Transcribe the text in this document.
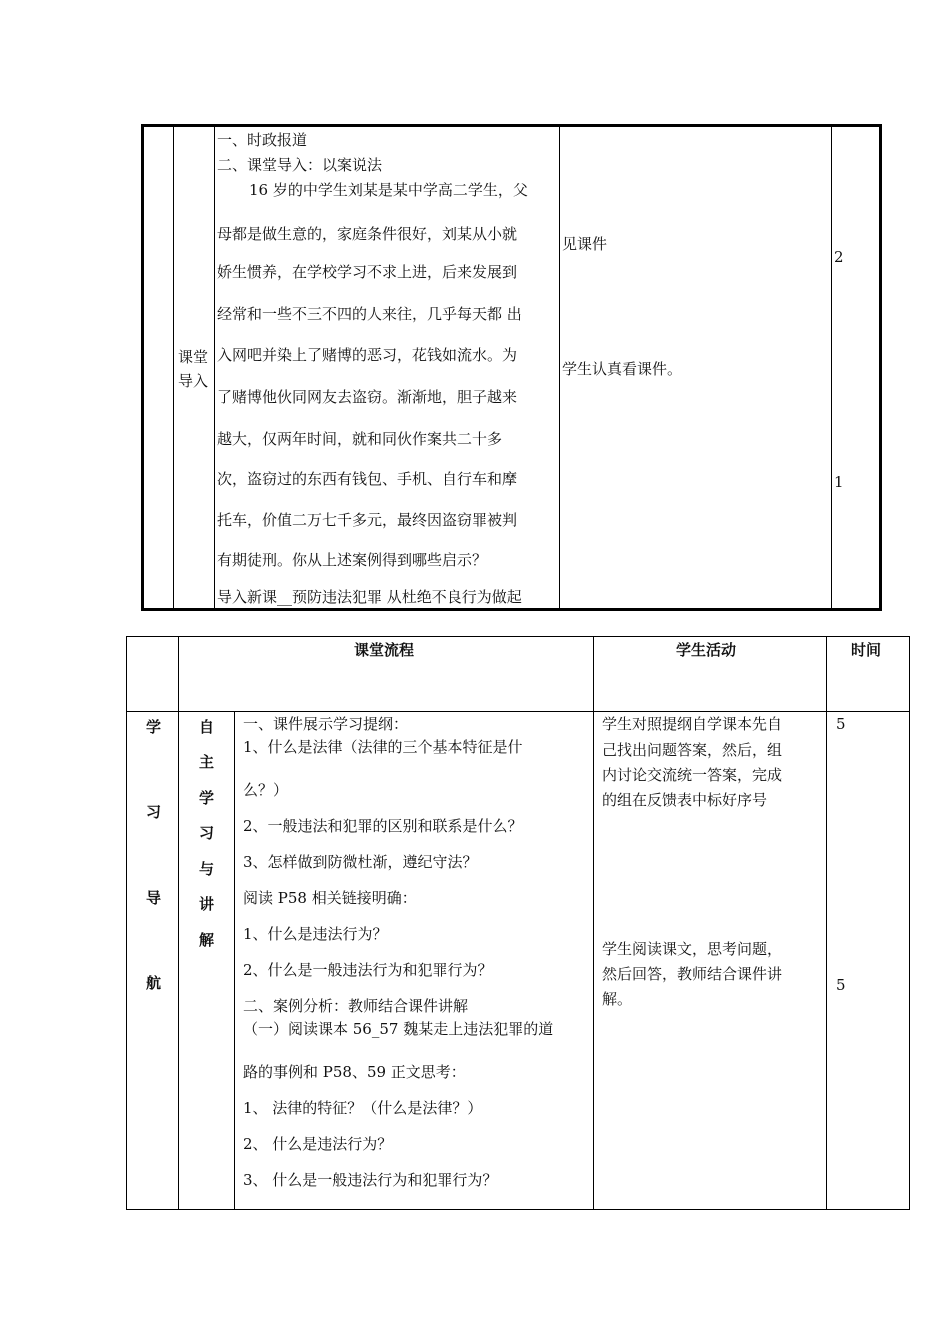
课堂
导入
一、时政报道
二、课堂导入：以案说法
16 岁的中学生刘某是某中学高二学生，父
母都是做生意的，家庭条件很好，刘某从小就
娇生惯养，在学校学习不求上进，后来发展到
经常和一些不三不四的人来往，几乎每天都 出
入网吧并染上了赌博的恶习，花钱如流水。为
了赌博他伙同网友去盗窃。渐渐地，胆子越来
越大，仅两年时间，就和同伙作案共二十多
次，盗窃过的东西有钱包、手机、自行车和摩
托车，价值二万七千多元，最终因盗窃罪被判
有期徒刑。你从上述案例得到哪些启示？
导入新课__预防违法犯罪 从杜绝不良行为做起
见课件
学生认真看课件。
2
1
课堂流程	学生活动	时间
学
习
导
航
自
主
学
习
与
讲
解
一、课件展示学习提纲：
1、什么是法律（法律的三个基本特征是什
么？）
2、一般违法和犯罪的区别和联系是什么？
3、怎样做到防微杜渐，遵纪守法？
阅读 P58 相关链接明确：
1、什么是违法行为？
2、什么是一般违法行为和犯罪行为？
二、案例分析：教师结合课件讲解
（一）阅读课本 56_57 魏某走上违法犯罪的道
路的事例和 P58、59 正文思考：
1、 法律的特征？（什么是法律？）
2、 什么是违法行为？
3、 什么是一般违法行为和犯罪行为？
学生对照提纲自学课本先自
己找出问题答案，然后，组
内讨论交流统一答案，完成
的组在反馈表中标好序号
学生阅读课文，思考问题，
然后回答，教师结合课件讲
解。
5
5
